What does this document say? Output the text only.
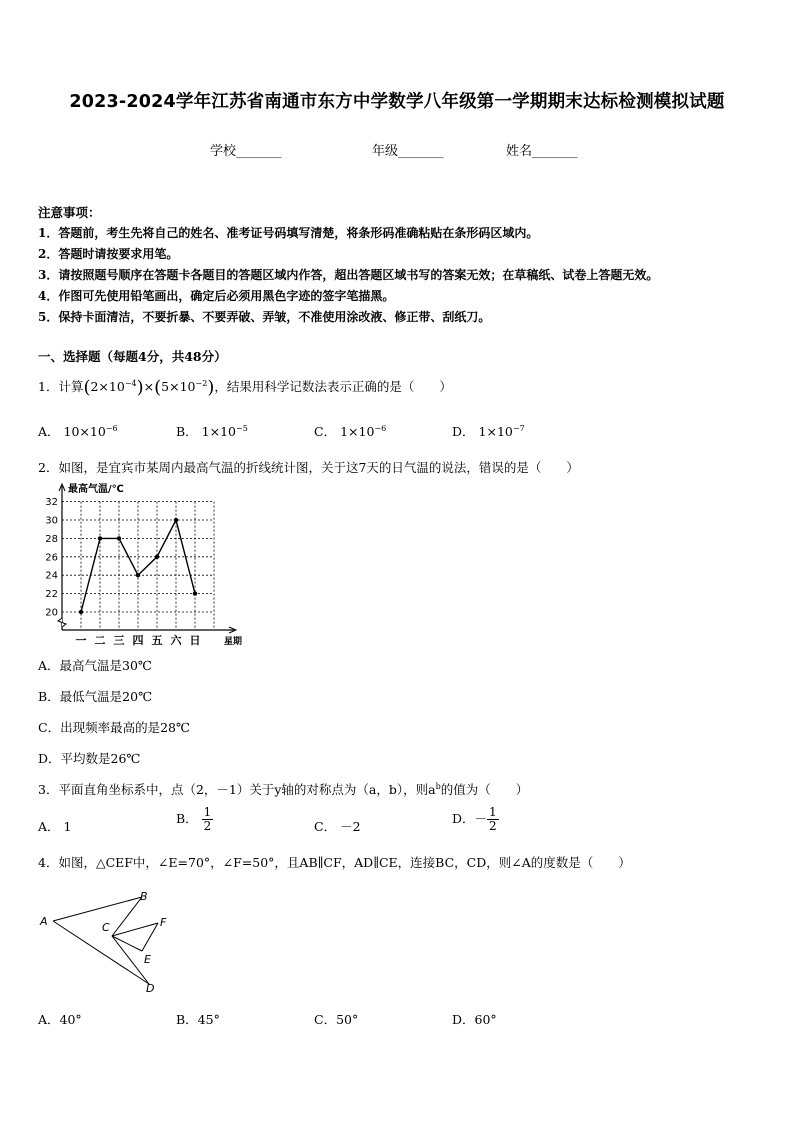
2023-2024学年江苏省南通市东方中学数学八年级第一学期期末达标检测模拟试题
学校_______	年级_______	姓名_______
注意事项：
1．答题前，考生先将自己的姓名、准考证号码填写清楚，将条形码准确粘贴在条形码区域内。
2．答题时请按要求用笔。
3．请按照题号顺序在答题卡各题目的答题区域内作答，超出答题区域书写的答案无效；在草稿纸、试卷上答题无效。
4．作图可先使用铅笔画出，确定后必须用黑色字迹的签字笔描黑。
5．保持卡面清洁，不要折暴、不要弄破、弄皱，不准使用涂改液、修正带、刮纸刀。
一、选择题（每题4分，共48分）
1．计算$(2\times 10^{-4})\times(5\times 10^{-2})$，结果用科学记数法表示正确的是（　　）
A． $10\times 10^{-6}$	B． $1\times 10^{-5}$	C． $1\times 10^{-6}$	D． $1\times 10^{-7}$
2．如图，是宜宾市某周内最高气温的折线统计图，关于这7天的日气温的说法，错误的是（　　）
32
30
28
26
24
22
20
一 二 三 四 五 六 日
最高气温/℃
星期
A．最高气温是30℃
B．最低气温是20℃
C．出现频率最高的是28℃
D．平均数是26℃
3．平面直角坐标系中，点（2，－1）关于y轴的对称点为（a，b），则$a^b$的值为（　　）
A． 1
B． $\frac{1}{2}$	C． －2
D．－ $\frac{1}{2}$
4．如图，△CEF中，∠E=70°，∠F=50°，且AB∥CF，AD∥CE，连接BC，CD，则∠A的度数是（　　）
A
B
C
D
E
F
A．40°	B．45°	C．50°	D．60°
